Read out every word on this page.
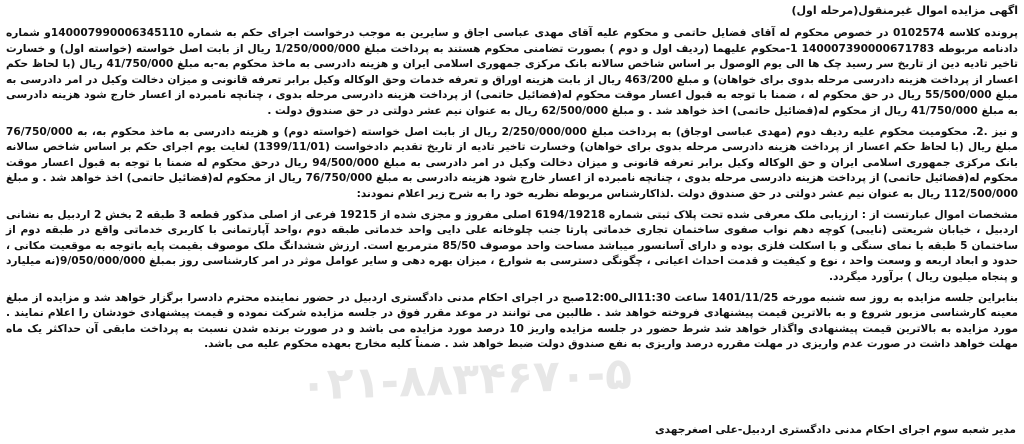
اگهی مزایده اموال غیرمنقول(مرحله اول)

پرونده کلاسه 0102574 در خصوص محکوم له آقای فضایل حاتمی و محکوم علیه آقای مهدی عباسی اجاق و سایرین به موجب درخواست اجرای حکم به شماره 140007990006345110و شماره دادنامه مربوطه 140007390000671783 1-محکوم علیهما (ردیف اول و دوم ) بصورت تضامنی محکوم هستند به پرداخت مبلغ 1/250/000/000 ریال از بابت اصل خواسته (خواسته اول) و خسارت تاخیر تادیه دین از تاریخ سر رسید چک ها الی یوم الوصول بر اساس شاخص سالانه بانک مرکزی جمهوری اسلامی ایران و هزینه دادرسی به ماخذ محکوم به-به مبلغ 41/750/000 ریال (با لحاظ حکم اعسار از پرداخت هزینه دادرسی مرحله بدوی برای خواهان) و مبلغ 463/200 ریال از بابت هزینه اوراق و تعرفه خدمات وحق الوکاله وکیل برابر تعرفه قانونی و میزان دخالت وکیل در امر دادرسی به مبلغ 55/500/000 ریال در حق محکوم له ، ضمنا با توجه به قبول اعسار موقت محکوم له(فضائیل حاتمی) از پرداخت هزینه دادرسی مرحله بدوی ، چنانچه نامبرده از اعسار خارج شود هزینه دادرسی به مبلغ 41/750/000 ریال از محکوم له(فضائیل حاتمی) اخذ خواهد شد . و مبلغ 62/500/000 ریال به عنوان نیم عشر دولتی در حق صندوق دولت .

و نیز .2. محکومیت محکوم علیه ردیف دوم (مهدی عباسی اوجاق) به پرداخت مبلغ 2/250/000/000 ریال از بابت اصل خواسته (خواسته دوم) و هزینه دادرسی به ماخذ محکوم به، به 76/750/000 مبلغ ریال (با لحاظ حکم اعسار از پرداخت هزینه دادرسی مرحله بدوی برای خواهان) وخسارت تاخیر تادیه از تاریخ تقدیم دادخواست (1399/11/01) لغایت یوم اجرای حکم بر اساس شاخص سالانه بانک مرکزی جمهوری اسلامی ایران و حق الوکاله وکیل برابر تعرفه قانونی و میزان دخالت وکیل در امر دادرسی به مبلغ 94/500/000 ریال درحق محکوم له ضمنا با توجه به قبول اعسار موقت محکوم له(فضائیل حاتمی) از پرداخت هزینه دادرسی مرحله بدوی ، چنانچه نامبرده از اعسار خارج شود هزینه دادرسی به مبلغ 76/750/000 ریال از محکوم له(فضائیل حاتمی) اخذ خواهد شد . و مبلغ 112/500/000 ریال به عنوان نیم عشر دولتی در حق صندوق دولت .لذاکارشناس مربوطه نظریه خود را به شرح زیر اعلام نمودند:

مشخصات اموال عبارتست از : ارزیابی ملک معرفی شده تحت پلاک ثبتی شماره 6194/19218 اصلی مفروز و مجزی شده از 19215 فرعی از اصلی مذکور قطعه 3 طبقه 2 بخش 2 اردبیل به نشانی اردبیل ، خیابان شریعتی (نایبی) کوچه دهم نواب صفوی ساختمان تجاری خدماتی پارتا جنب چلوخانه علی دایی واحد خدماتی طبقه دوم ،واحد آپارتمانی با کاربری خدماتی واقع در طبقه دوم از ساختمان 5 طبقه با نمای سنگی و با اسکلت فلزی بوده و دارای آسانسور میباشد مساحت واحد موصوف 85/50 مترمربع است. ارزش ششدانگ ملک موصوف بقیمت پایه باتوجه به موقعیت مکانی ، حدود و ابعاد اربعه و وسعت واحد ، نوع و کیفیت و قدمت احداث اعیانی ، چگونگی دسترسی به شوارع ، میزان بهره دهی و سایر عوامل موثر در امر کارشناسی روز بمبلغ 9/050/000/000(نه میلیارد و پنجاه میلیون ریال ) برآورد میگردد.

بنابراین جلسه مزایده به روز سه شنبه مورخه 1401/11/25 ساعت 11:30الی12:00صبح در اجرای احکام مدنی دادگستری اردبیل در حضور نماینده محترم دادسرا برگزار خواهد شد و مزایده از مبلغ معینه کارشناسی مزبور شروع و به بالاترین قیمت پیشنهادی فروخته خواهد شد . طالبین می توانند در موعد مقرر فوق در جلسه مزایده شرکت نموده و قیمت پیشنهادی خودشان را اعلام نمایند . مورد مزایده به بالاترین قیمت پیشنهادی واگذار خواهد شد شرط حضور در جلسه مزایده واریز 10 درصد مورد مزایده می باشد و در صورت برنده شدن نسبت به پرداخت مابقی آن حداکثر یک ماه مهلت خواهد داشت در صورت عدم واریزی در مهلت مقرره درصد واریزی به نفع صندوق دولت ضبط خواهد شد . ضمناً کلیه مخارج بعهده محکوم علیه می باشد.

۰۲۱-۸۸۳۴۶۷۰-۵
مدیر شعبه سوم اجرای احکام مدنی دادگستری اردبیل-علی اصغرجهدی
